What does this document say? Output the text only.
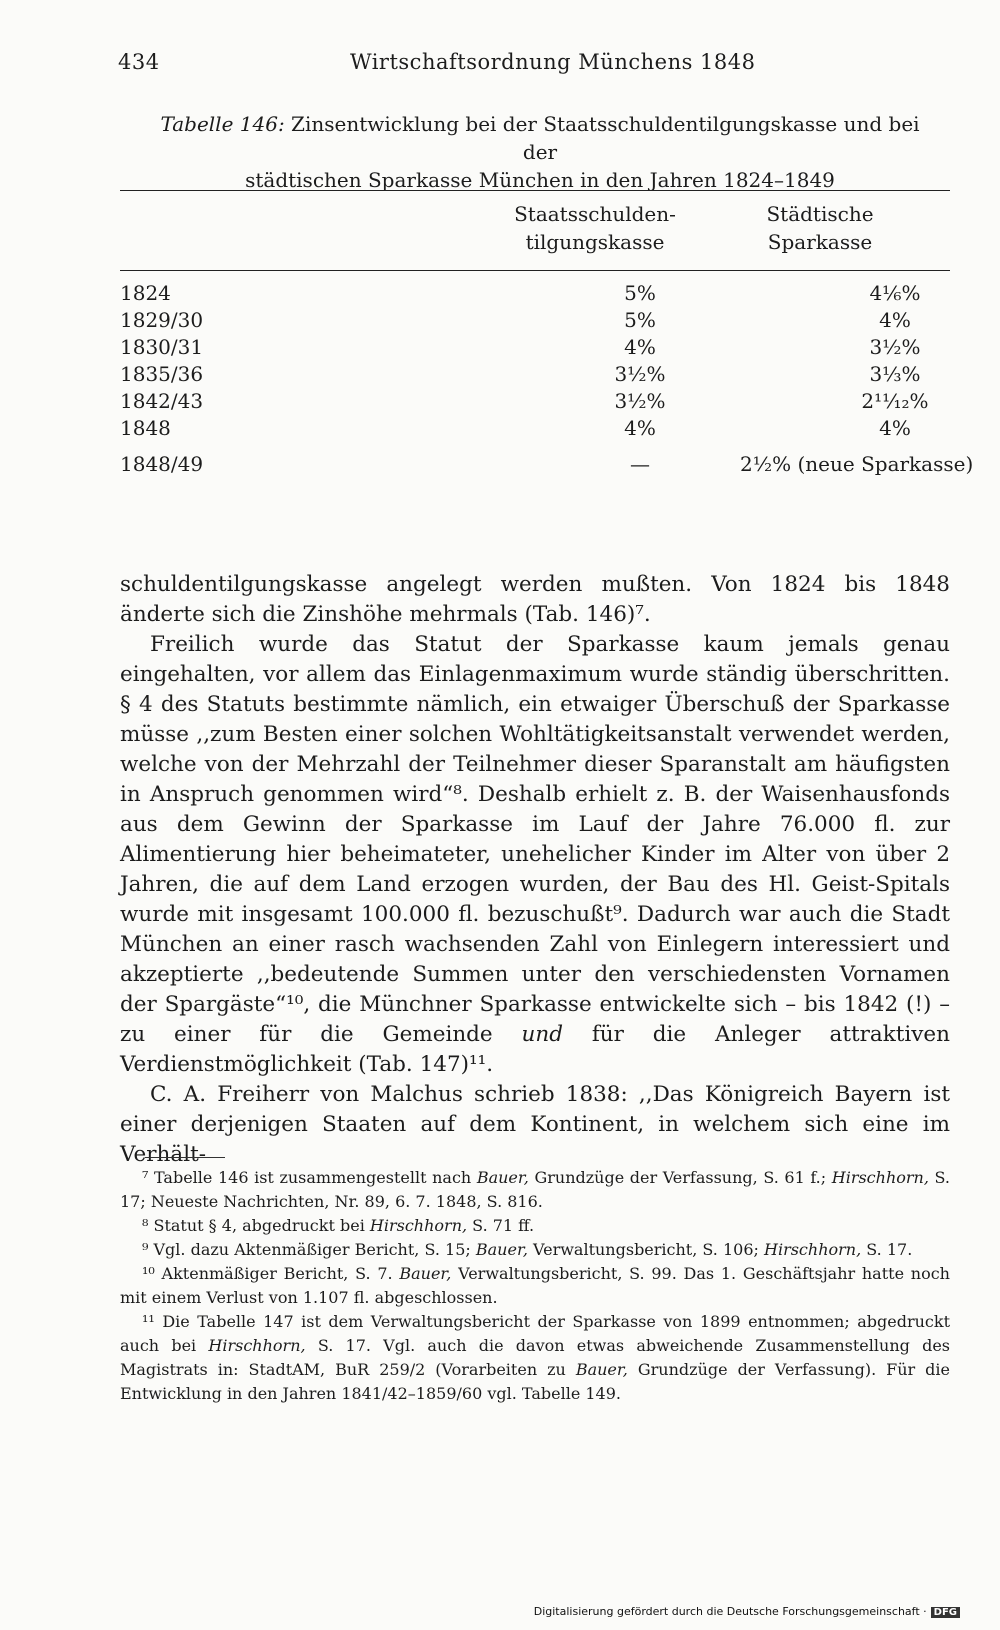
434	Wirtschaftsordnung Münchens 1848
Tabelle 146: Zinsentwicklung bei der Staatsschuldentilgungskasse und bei der
städtischen Sparkasse München in den Jahren 1824–1849
Staatsschulden-
tilgungskasse
Städtische
Sparkasse
1824	5%	4⅙%
1829/30	5%	4%
1830/31	4%	3½%
1835/36	3½%	3⅓%
1842/43	3½%	2¹¹⁄₁₂%
1848	4%	4%
1848/49	—	2½% (neue Sparkasse)

schuldentilgungskasse angelegt werden mußten. Von 1824 bis 1848 änderte sich die Zinshöhe mehrmals (Tab. 146)⁷.

Freilich wurde das Statut der Sparkasse kaum jemals genau eingehalten, vor allem das Einlagenmaximum wurde ständig überschritten. § 4 des Statuts bestimmte nämlich, ein etwaiger Überschuß der Sparkasse müsse ,,zum Besten einer solchen Wohltätigkeitsanstalt verwendet werden, welche von der Mehrzahl der Teilnehmer dieser Sparanstalt am häufigsten in Anspruch genommen wird“⁸. Deshalb erhielt z. B. der Waisenhausfonds aus dem Gewinn der Sparkasse im Lauf der Jahre 76.000 fl. zur Alimentierung hier beheimateter, unehelicher Kinder im Alter von über 2 Jahren, die auf dem Land erzogen wurden, der Bau des Hl. Geist-Spitals wurde mit insgesamt 100.000 fl. bezuschußt⁹. Dadurch war auch die Stadt München an einer rasch wachsenden Zahl von Einlegern interessiert und akzeptierte ,,bedeutende Summen unter den verschiedensten Vornamen der Spargäste“¹⁰, die Münchner Sparkasse entwickelte sich – bis 1842 (!) – zu einer für die Gemeinde und für die Anleger attraktiven Verdienstmöglichkeit (Tab. 147)¹¹.

C. A. Freiherr von Malchus schrieb 1838: ,,Das Königreich Bayern ist einer derjenigen Staaten auf dem Kontinent, in welchem sich eine im Verhält-

⁷ Tabelle 146 ist zusammengestellt nach Bauer, Grundzüge der Verfassung, S. 61 f.; Hirschhorn, S. 17; Neueste Nachrichten, Nr. 89, 6. 7. 1848, S. 816.

⁸ Statut § 4, abgedruckt bei Hirschhorn, S. 71 ff.

⁹ Vgl. dazu Aktenmäßiger Bericht, S. 15; Bauer, Verwaltungsbericht, S. 106; Hirschhorn, S. 17.

¹⁰ Aktenmäßiger Bericht, S. 7. Bauer, Verwaltungsbericht, S. 99. Das 1. Geschäftsjahr hatte noch mit einem Verlust von 1.107 fl. abgeschlossen.

¹¹ Die Tabelle 147 ist dem Verwaltungsbericht der Sparkasse von 1899 entnommen; abgedruckt auch bei Hirschhorn, S. 17. Vgl. auch die davon etwas abweichende Zusammenstellung des Magistrats in: StadtAM, BuR 259/2 (Vorarbeiten zu Bauer, Grundzüge der Verfassung). Für die Entwicklung in den Jahren 1841/42–1859/60 vgl. Tabelle 149.

Digitalisierung gefördert durch die Deutsche Forschungsgemeinschaft · DFG
